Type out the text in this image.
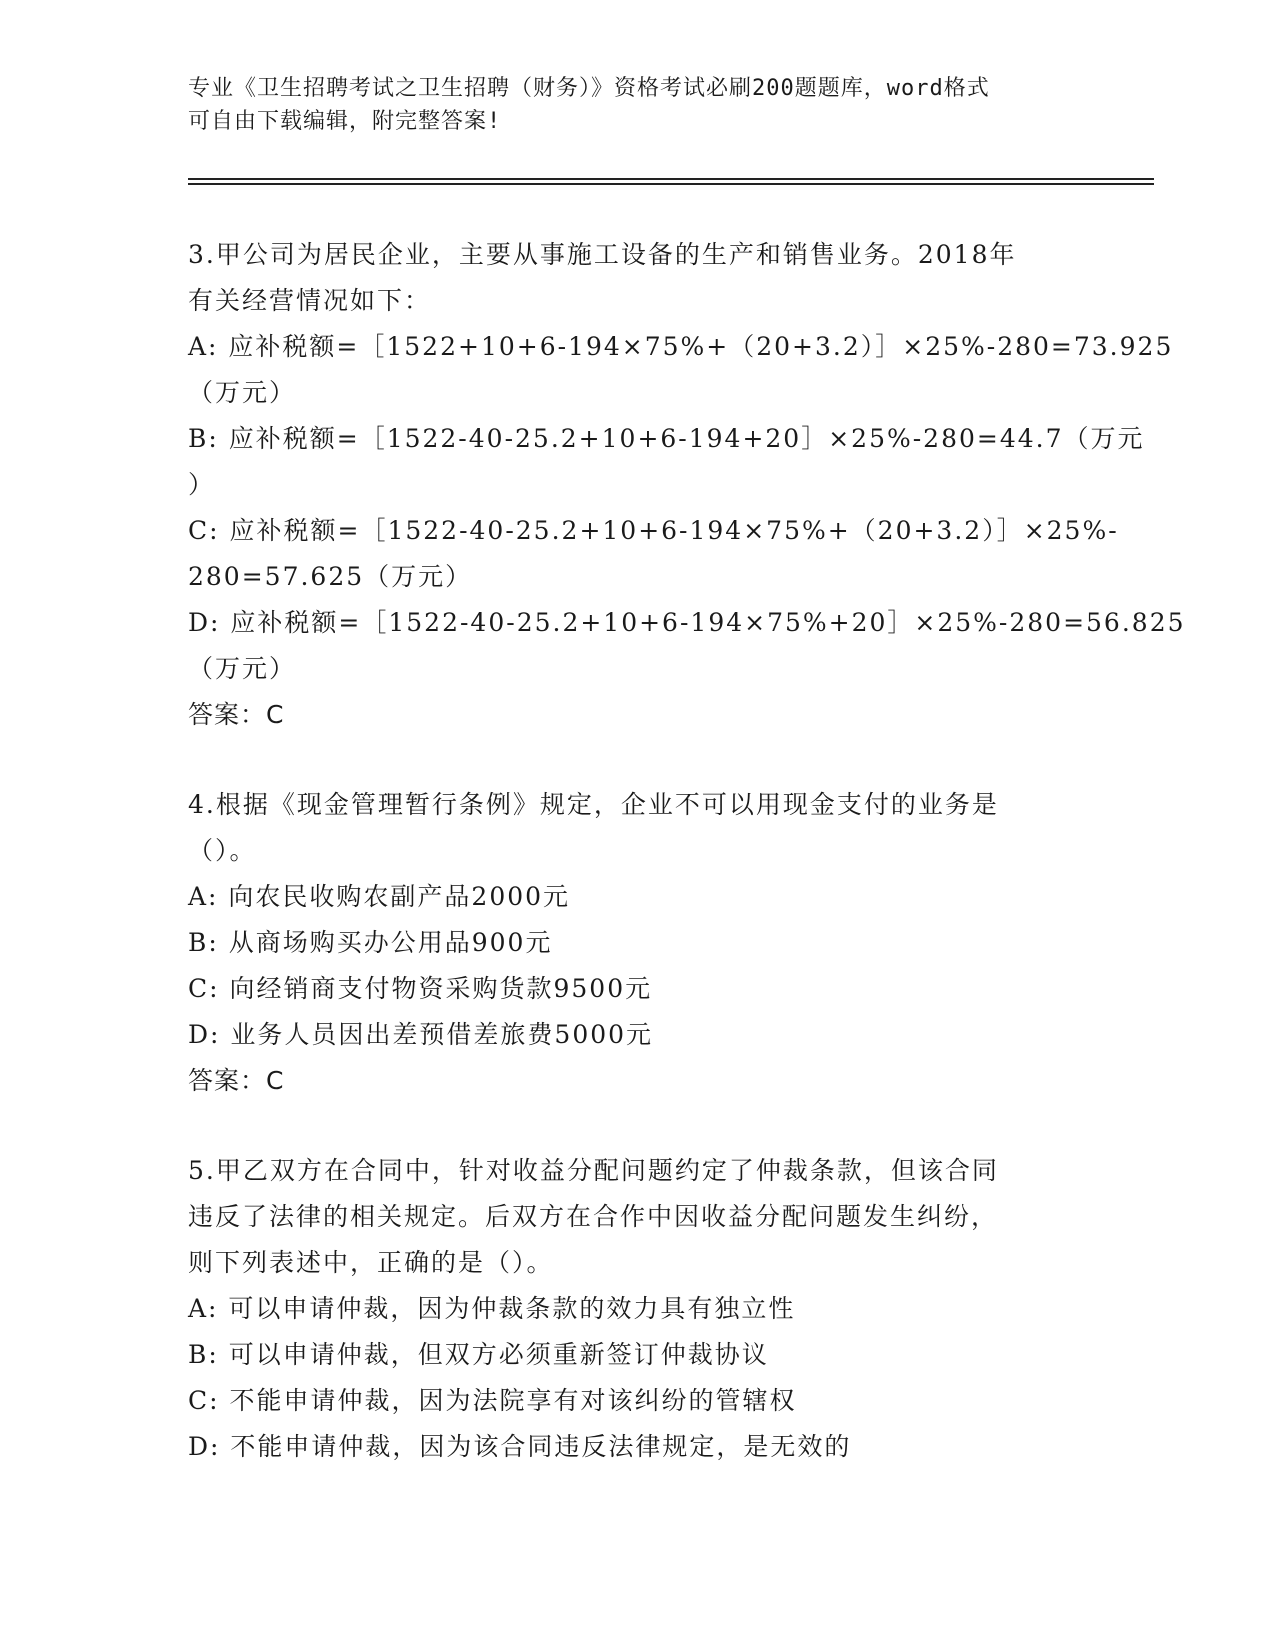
专业《卫生招聘考试之卫生招聘（财务）》资格考试必刷200题题库，word格式
可自由下载编辑，附完整答案!
3.甲公司为居民企业，主要从事施工设备的生产和销售业务。2018年
有关经营情况如下：
A: 应补税额=［1522+10+6-194×75%+（20+3.2）］×25%-280=73.925
（万元）
B: 应补税额=［1522-40-25.2+10+6-194+20］×25%-280=44.7（万元
）
C: 应补税额=［1522-40-25.2+10+6-194×75%+（20+3.2）］×25%-
280=57.625（万元）
D: 应补税额=［1522-40-25.2+10+6-194×75%+20］×25%-280=56.825
（万元）
答案：C
4.根据《现金管理暂行条例》规定，企业不可以用现金支付的业务是
（）。
A: 向农民收购农副产品2000元
B: 从商场购买办公用品900元
C: 向经销商支付物资采购货款9500元
D: 业务人员因出差预借差旅费5000元
答案：C
5.甲乙双方在合同中，针对收益分配问题约定了仲裁条款，但该合同
违反了法律的相关规定。后双方在合作中因收益分配问题发生纠纷，
则下列表述中，正确的是（）。
A: 可以申请仲裁，因为仲裁条款的效力具有独立性
B: 可以申请仲裁，但双方必须重新签订仲裁协议
C: 不能申请仲裁，因为法院享有对该纠纷的管辖权
D: 不能申请仲裁，因为该合同违反法律规定，是无效的
